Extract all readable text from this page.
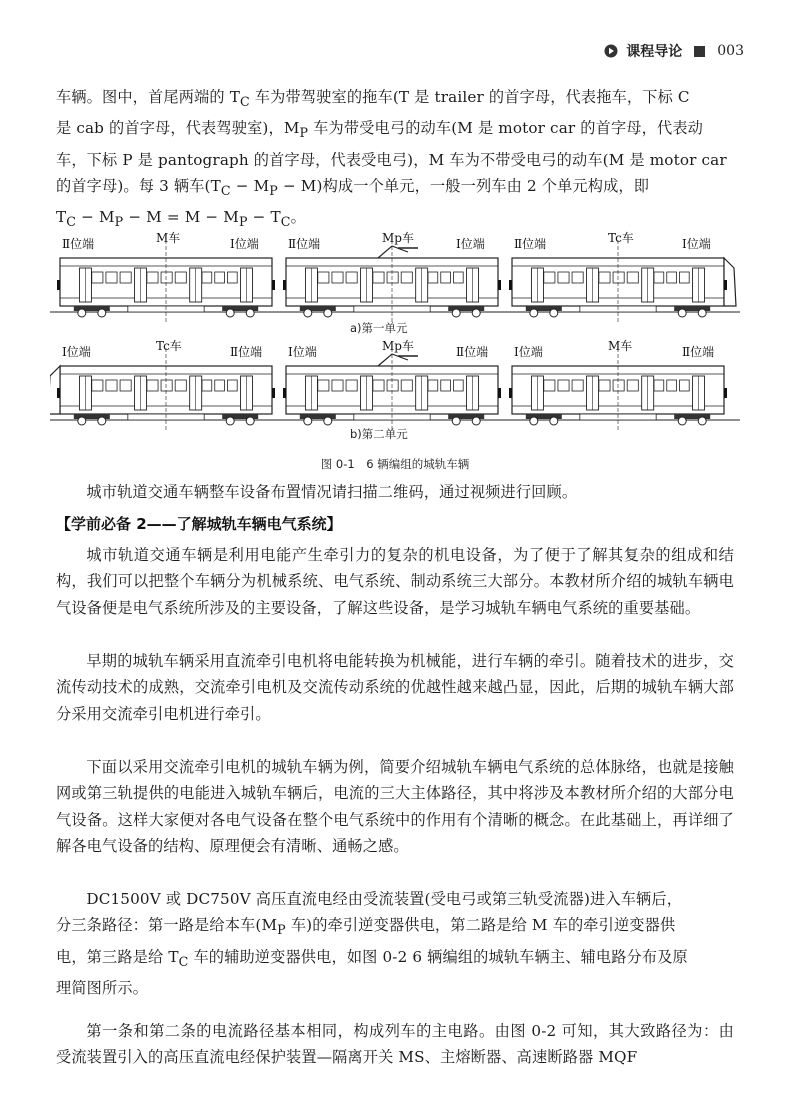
课程导论	003
车辆。图中，首尾两端的 $T_C$ 车为带驾驶室的拖车(T 是 trailer 的首字母，代表拖车，下标 C
是 cab 的首字母，代表驾驶室)，$M_P$ 车为带受电弓的动车(M 是 motor car 的首字母，代表动
车，下标 P 是 pantograph 的首字母，代表受电弓)，M 车为不带受电弓的动车(M 是 motor car
的首字母)。每 3 辆车$(T_C - M_P - M)$构成一个单元，一般一列车由 2 个单元构成，即
$T_C - M_P - M = M - M_P - T_C$。
Ⅱ位端	M车	Ⅰ位端 Ⅱ位端	Mp车	Ⅰ位端 Ⅱ位端	Tc车	Ⅰ位端
Ⅰ位端	Tc车	Ⅱ位端 Ⅰ位端	Mp车	Ⅱ位端 Ⅰ位端	M车	Ⅱ位端
a)第一单元
b)第二单元
图 0-1　6 辆编组的城轨车辆

城市轨道交通车辆整车设备布置情况请扫描二维码，通过视频进行回顾。

【学前必备 2——了解城轨车辆电气系统】

城市轨道交通车辆是利用电能产生牵引力的复杂的机电设备，为了便于了解其复杂的组成和结构，我们可以把整个车辆分为机械系统、电气系统、制动系统三大部分。本教材所介绍的城轨车辆电气设备便是电气系统所涉及的主要设备，了解这些设备，是学习城轨车辆电气系统的重要基础。

早期的城轨车辆采用直流牵引电机将电能转换为机械能，进行车辆的牵引。随着技术的进步，交流传动技术的成熟，交流牵引电机及交流传动系统的优越性越来越凸显，因此，后期的城轨车辆大部分采用交流牵引电机进行牵引。

下面以采用交流牵引电机的城轨车辆为例，简要介绍城轨车辆电气系统的总体脉络，也就是接触网或第三轨提供的电能进入城轨车辆后，电流的三大主体路径，其中将涉及本教材所介绍的大部分电气设备。这样大家便对各电气设备在整个电气系统中的作用有个清晰的概念。在此基础上，再详细了解各电气设备的结构、原理便会有清晰、通畅之感。

DC1500V 或 DC750V 高压直流电经由受流装置(受电弓或第三轨受流器)进入车辆后，
分三条路径：第一路是给本车($M_P$ 车)的牵引逆变器供电，第二路是给 M 车的牵引逆变器供
电，第三路是给 $T_C$ 车的辅助逆变器供电，如图 0-2 6 辆编组的城轨车辆主、辅电路分布及原
理简图所示。

第一条和第二条的电流路径基本相同，构成列车的主电路。由图 0-2 可知，其大致路径为：由受流装置引入的高压直流电经保护装置—隔离开关 MS、主熔断器、高速断路器 MQF
